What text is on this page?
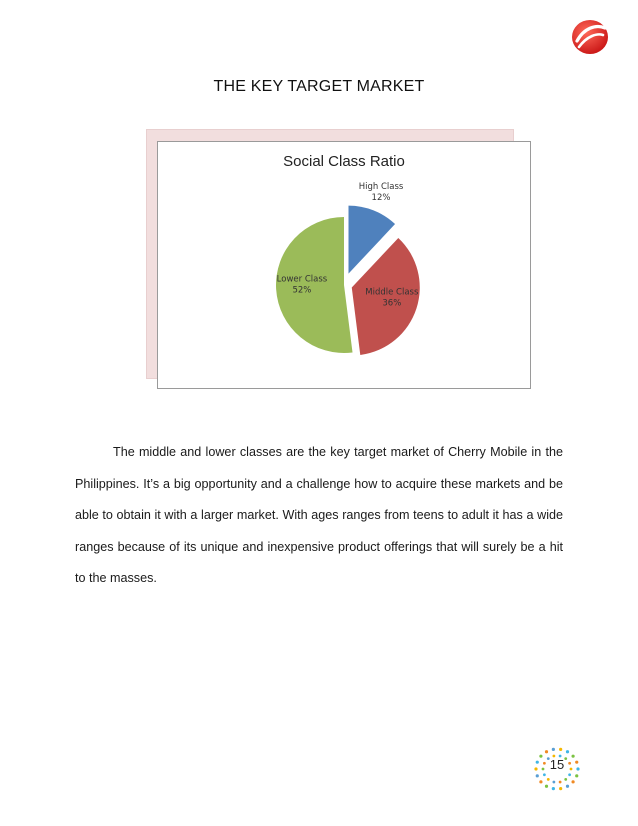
THE KEY TARGET MARKET
Social Class Ratio
High Class
12%
Middle Class
36%
Lower Class
52%
The middle and lower classes are the key target market of Cherry Mobile in the Philippines. It’s a big opportunity and a challenge how to acquire these markets and be able to obtain it with a larger market. With ages ranges from teens to adult it has a wide ranges because of its unique and inexpensive product offerings that will surely be a hit to the masses.
15
